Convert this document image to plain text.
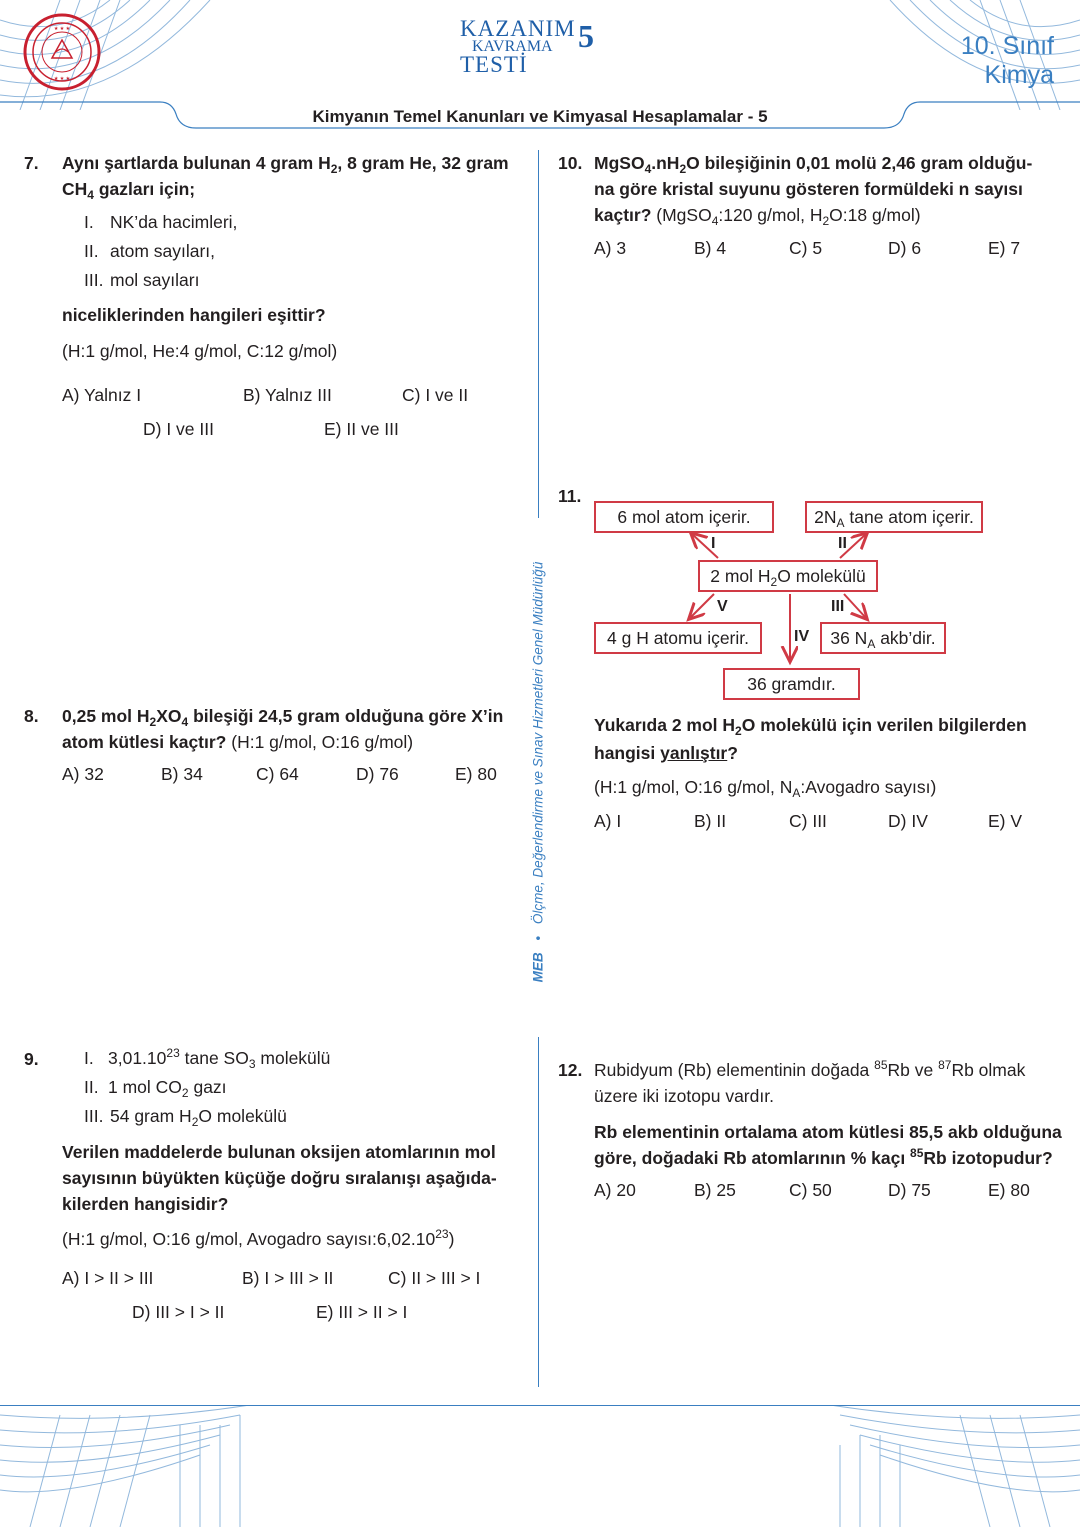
★ ★ ★
★ ★ ★
KAZANIM
KAVRAMA
TESTİ
5	10. Sınıf
Kimya
Kimyanın Temel Kanunları ve Kimyasal Hesaplamalar - 5
MEB • Ölçme, Değerlendirme ve Sınav Hizmetleri Genel Müdürlüğü
7. Aynı şartlarda bulunan 4 gram $H_2$, 8 gram He, 32 gram
$CH_4$ gazları için;
I. NK’da hacimleri,
II. atom sayıları,
III. mol sayıları
niceliklerinden hangileri eşittir?
(H:1 g/mol, He:4 g/mol, C:12 g/mol)
A) Yalnız I	B) Yalnız III	C) I ve II
D) I ve III	E) II ve III
8. 0,25 mol $H_2XO_4$ bileşiği 24,5 gram olduğuna göre X’in
atom kütlesi kaçtır? (H:1 g/mol, O:16 g/mol)
A) 32	B) 34	C) 64	D) 76	E) 80
9.	I. 3,01.10$^{23}$ tane $SO_3$ molekülü
II. 1 mol $CO_2$ gazı
III. 54 gram $H_2O$ molekülü
Verilen maddelerde bulunan oksijen atomlarının mol
sayısının büyükten küçüğe doğru sıralanışı aşağıda-
kilerden hangisidir?
(H:1 g/mol, O:16 g/mol, Avogadro sayısı:6,02.10$^{23}$)
A) I > II > III	B) I > III > II	C) II > III > I
D) III > I > II	E) III > II > I
10. $MgSO_4.nH_2O$ bileşiğinin 0,01 molü 2,46 gram olduğu-
na göre kristal suyunu gösteren formüldeki n sayısı
kaçtır? (MgSO$_4$:120 g/mol, $H_2O:18$ g/mol)
A) 3	B) 4	C) 5	D) 6	E) 7
11.
6 mol atom içerir.	$2N_A$ tane atom içerir.
2 mol $H_2O$ molekülü
4 g H atomu içerir.	36 $N_A$ akb’dir.
36 gramdır.
I	II
III
IV
V
Yukarıda 2 mol $H_2O$ molekülü için verilen bilgilerden
hangisi yanlıştır?
(H:1 g/mol, O:16 g/mol, $N_A:Avogadro$ sayısı)
A) I	B) II	C) III	D) IV	E) V
12. Rubidyum (Rb) elementinin doğada $^{85}$Rb ve $^{87}$Rb olmak
üzere iki izotopu vardır.
Rb elementinin ortalama atom kütlesi 85,5 akb olduğuna
göre, doğadaki Rb atomlarının % kaçı $^{85}$Rb izotopudur?
A) 20	B) 25	C) 50	D) 75	E) 80
